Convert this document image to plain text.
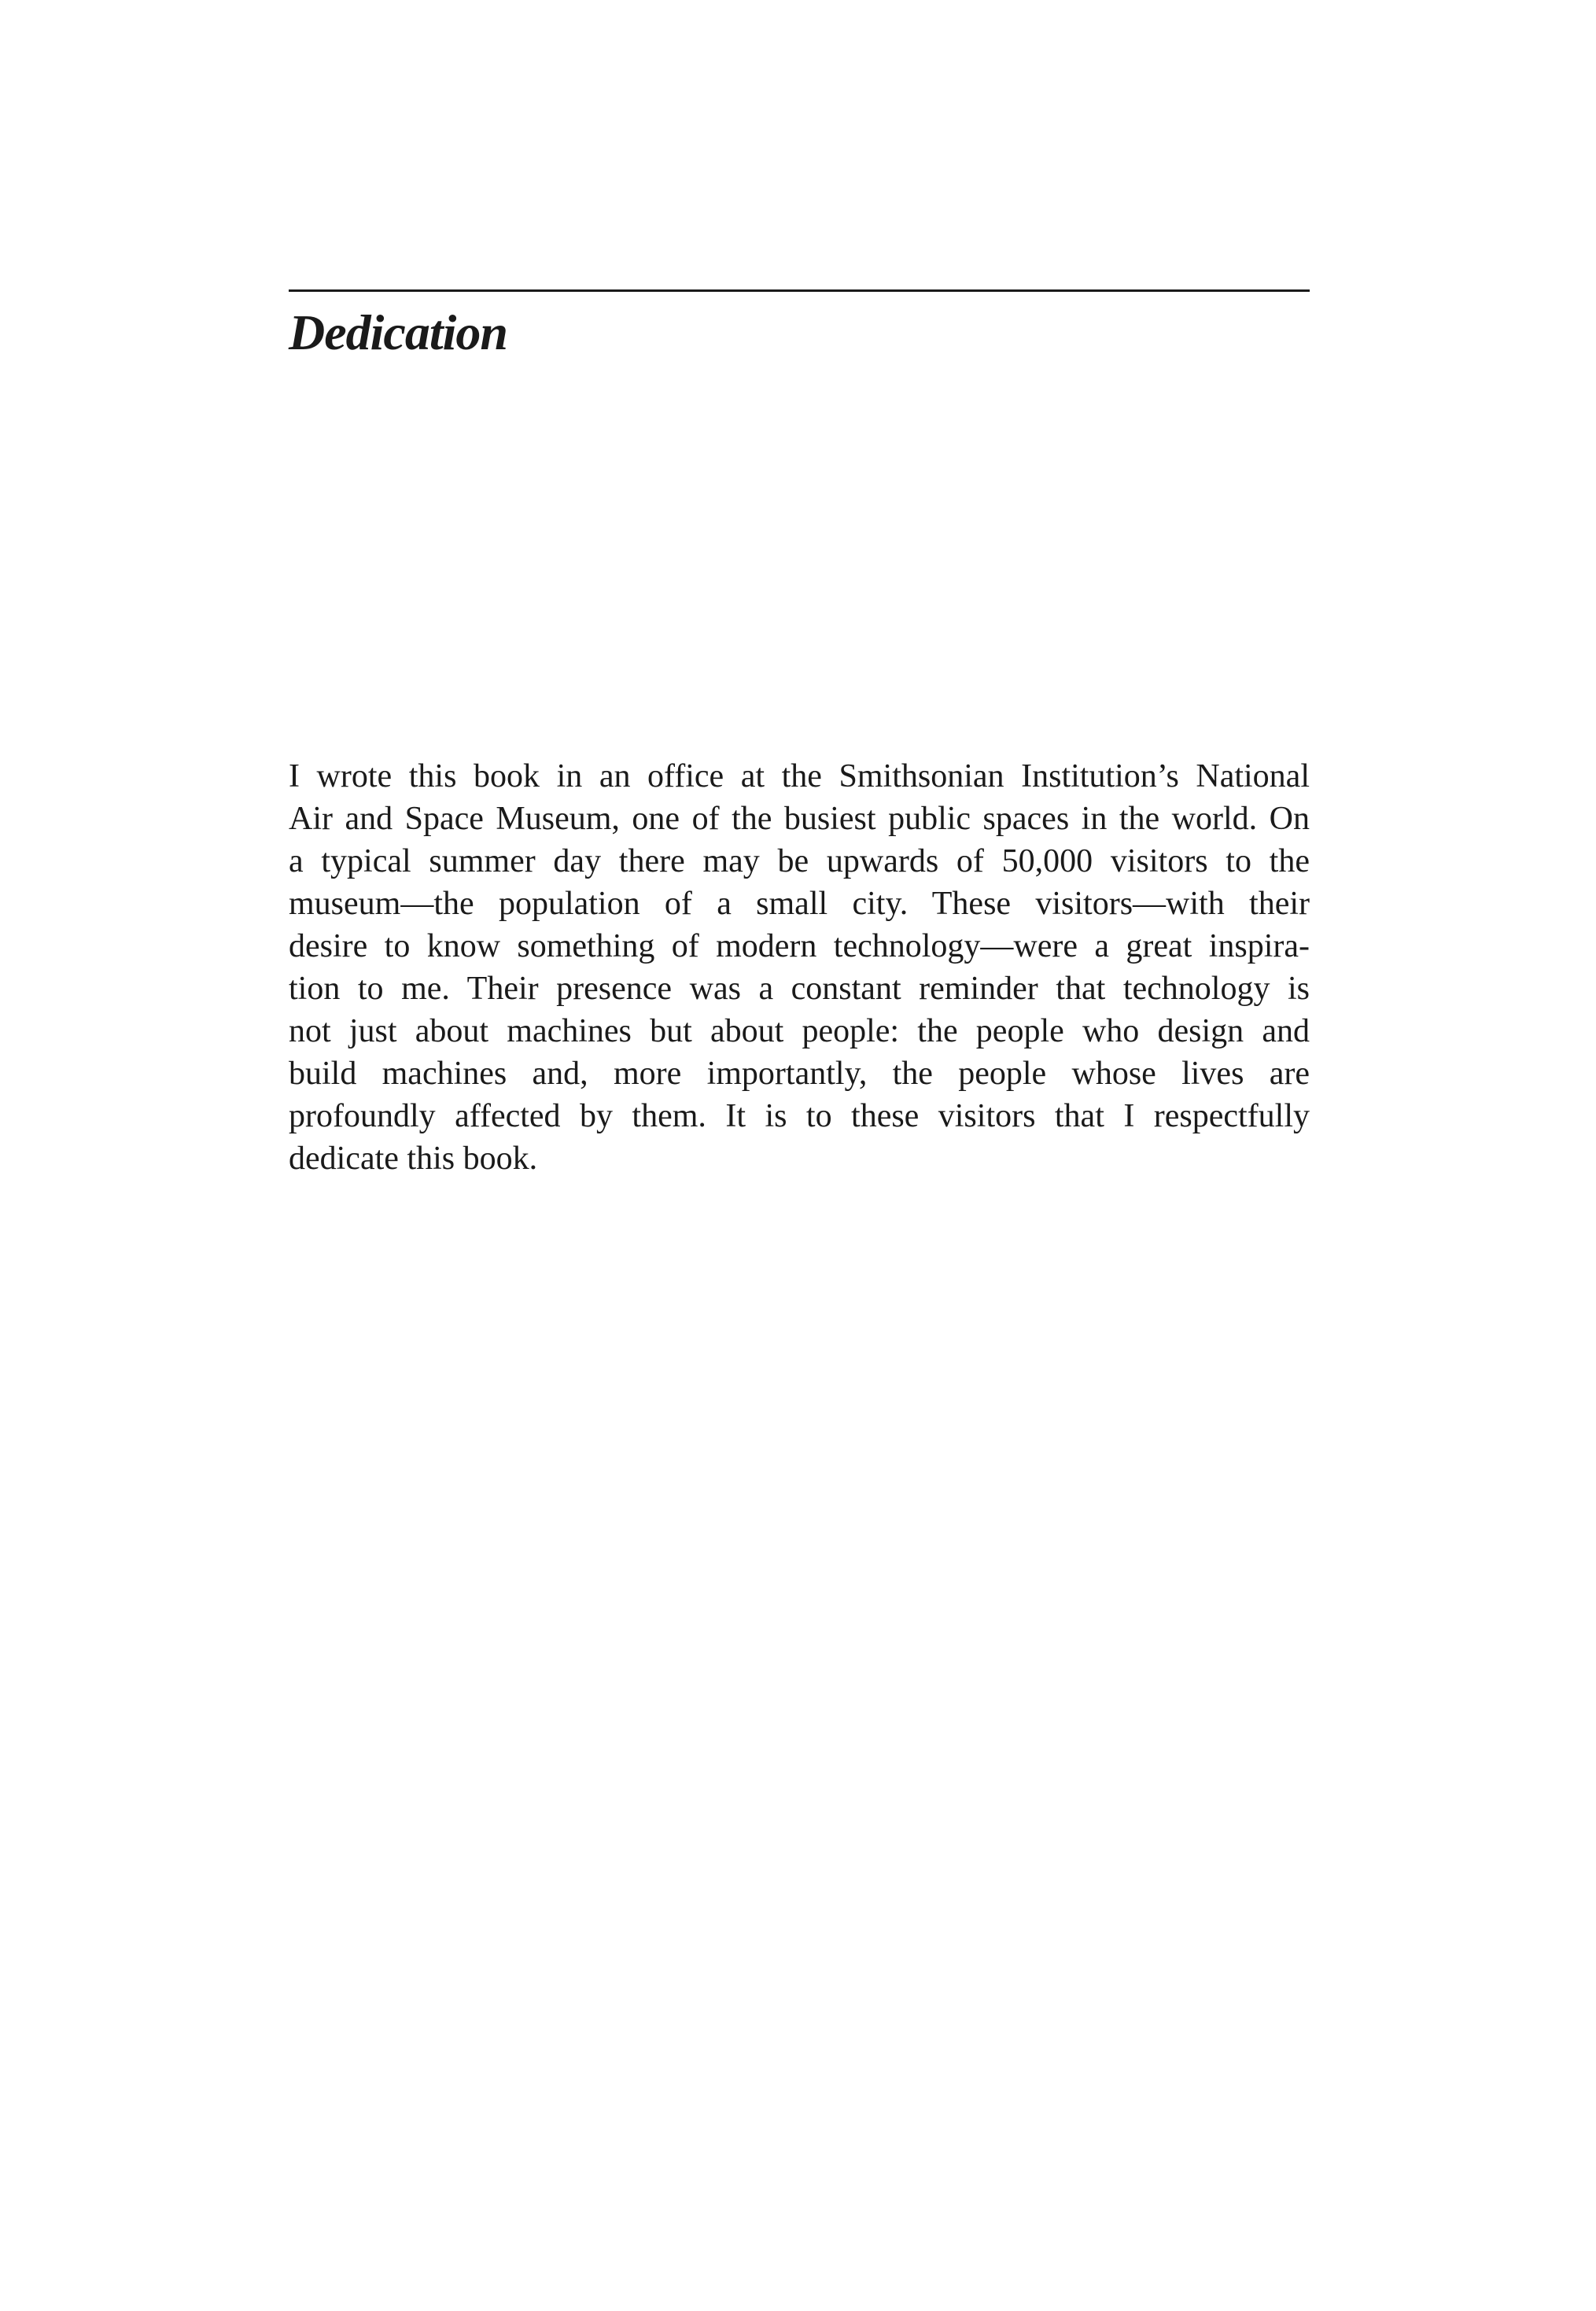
Dedication
I wrote this book in an office at the Smithsonian Institution’s National
Air and Space Museum, one of the busiest public spaces in the world. On
a typical summer day there may be upwards of 50,000 visitors to the
museum—the population of a small city. These visitors—with their
desire to know something of modern technology—were a great inspira-
tion to me. Their presence was a constant reminder that technology is
not just about machines but about people: the people who design and
build machines and, more importantly, the people whose lives are
profoundly affected by them. It is to these visitors that I respectfully
dedicate this book.
